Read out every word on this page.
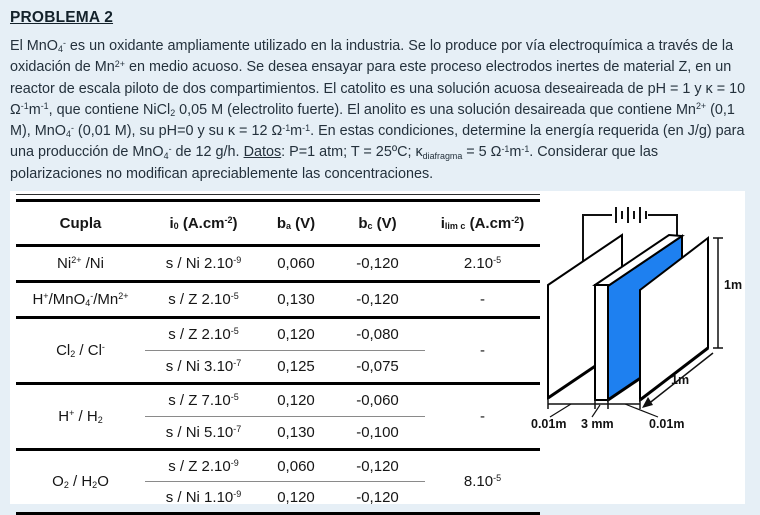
PROBLEMA 2
El MnO$_4$- es un oxidante ampliamente utilizado en la industria. Se lo produce por vía electroquímica a través de la oxidación de $Mn^{2+}$ en medio acuoso. Se desea ensayar para este proceso electrodos inertes de material Z, en un reactor de escala piloto de dos compartimientos. El catolito es una solución acuosa deseaireada de pH = 1 y κ = 10 $\Omega^{-1}m^{-1}$, que contiene NiCl$_2$ 0,05 M (electrolito fuerte). El anolito es una solución desaireada que contiene $Mn^{2+}$ (0,1 M), MnO$_4$- (0,01 M), su pH=0 y su κ = 12 $\Omega^{-1}m^{-1}$. En estas condiciones, determine la energía requerida (en J/g) para una producción de MnO$_4$- de 12 g/h. Datos: P=1 atm; T = 25ºC; $\kappa_{diafragma} = 5$ $\Omega^{-1}m^{-1}$. Considerar que las polarizaciones no modifican apreciablemente las concentraciones.
Cupla	$i_0$ $(A.cm^{-2})$	$b_a$ (V)	$b_c$ (V)	$i_{lim c}$ $(A.cm^{-2})$
$Ni^{2+}$ /Ni	s / Ni $2.10^{-9}$	0,060	-0,120	$2.10^{-5}$
$H^+/MnO_4^-/Mn^{2+}$	s / Z $2.10^{-5}$	0,130	-0,120	-
$Cl_2 / Cl^-$	s / Z $2.10^{-5}$	0,120	-0,080	-
	s / Ni $3.10^{-7}$	0,125	-0,075	
$H^+ / H_2$	s / Z $7.10^{-5}$	0,120	-0,060	-
	s / Ni $5.10^{-7}$	0,130	-0,100	
$O_2 / H_2O$	s / Z $2.10^{-9}$	0,060	-0,120	$8.10^{-5}$
	s / Ni $1.10^{-9}$	0,120	-0,120	
1m
1m
0.01m 3 mm	0.01m
